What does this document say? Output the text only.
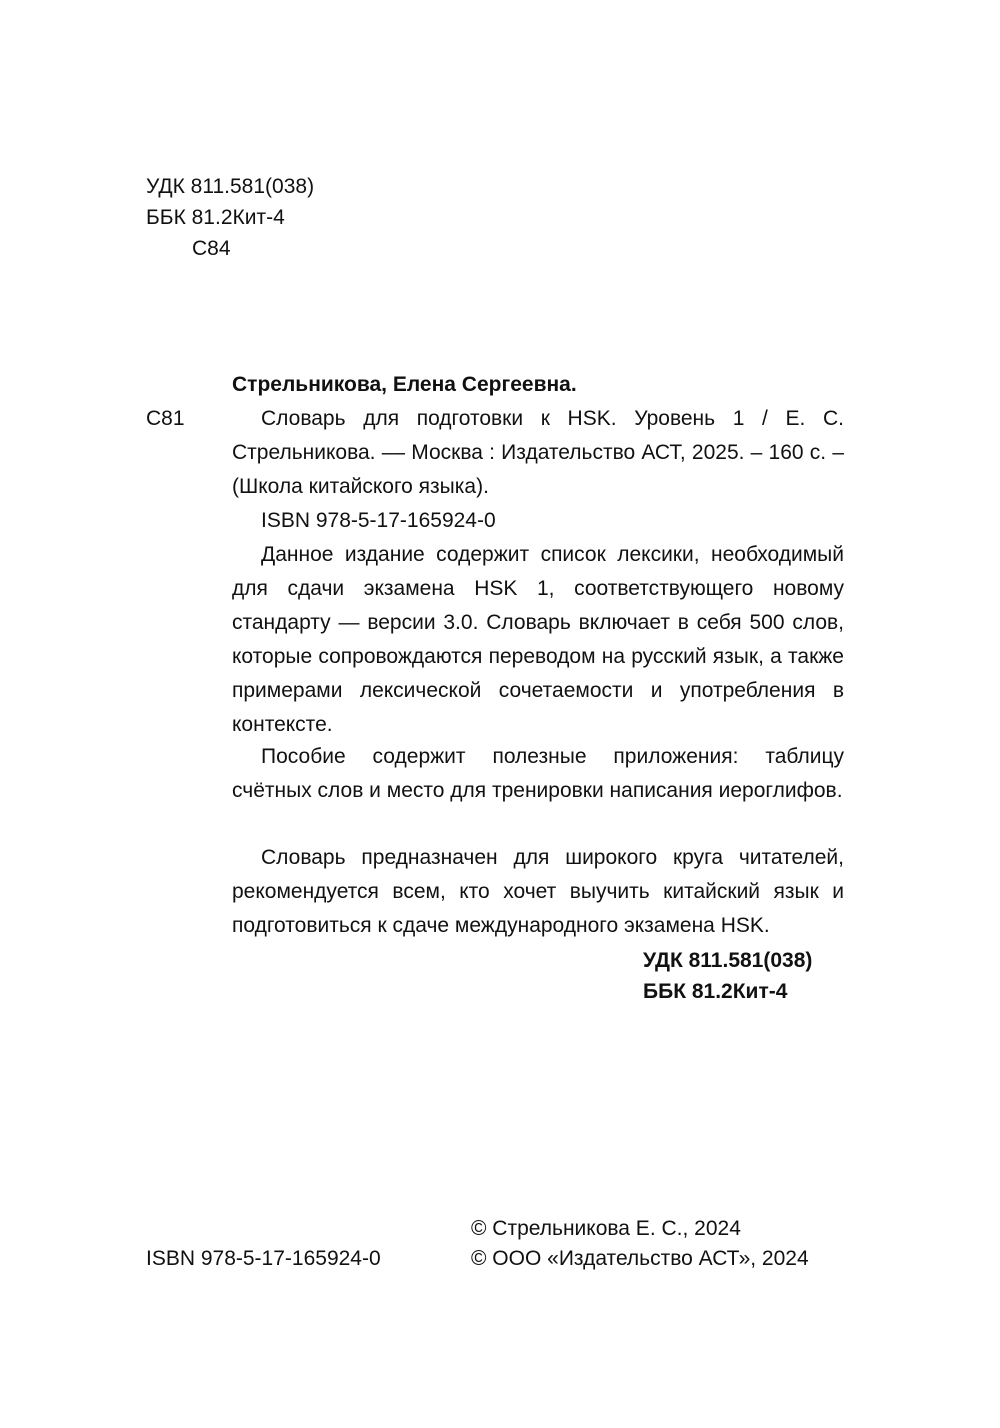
УДК 811.581(038)
ББК 81.2Кит-4
С84
Стрельникова, Елена Сергеевна.
С81	Словарь для подготовки к HSK. Уровень 1 / Е. С. Стрельникова. –– Москва : Издательство АСТ, 2025. – 160 с. – (Школа китайского языка).
ISBN 978-5-17-165924-0
Данное издание содержит список лексики, необходимый для сдачи экзамена HSK 1, соответствующего новому стандарту — версии 3.0. Словарь включает в себя 500 слов, которые сопровождаются переводом на русский язык, а также примерами лексической сочетаемости и употребления в контексте.
Пособие содержит полезные приложения: таблицу счётных слов и место для тренировки написания иероглифов.
Словарь предназначен для широкого круга читателей, рекомендуется всем, кто хочет выучить китайский язык и подготовиться к сдаче международного экзамена HSK.
УДК 811.581(038)
ББК 81.2Кит-4
© Стрельникова Е. С., 2024
ISBN 978-5-17-165924-0	© ООО «Издательство АСТ», 2024
